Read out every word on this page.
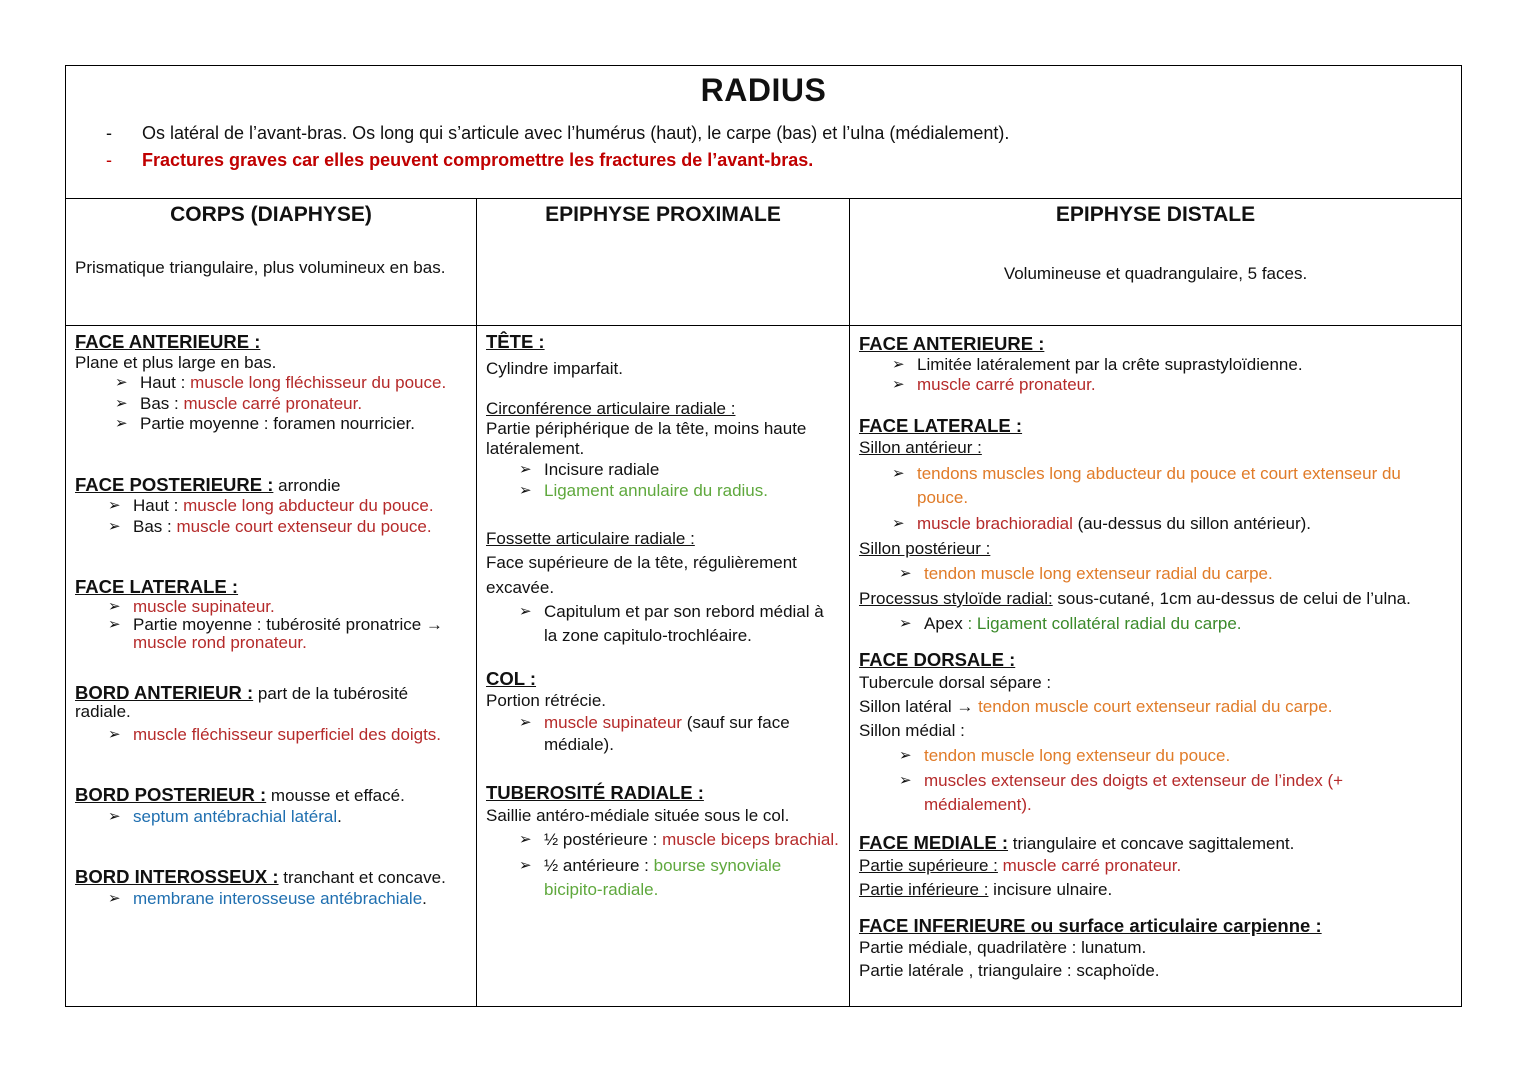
RADIUS
-	Os latéral de l’avant-bras. Os long qui s’articule avec l’humérus (haut), le carpe (bas) et l’ulna (médialement).
-	Fractures graves car elles peuvent compromettre les fractures de l’avant-bras.
CORPS (DIAPHYSE)
Prismatique triangulaire, plus volumineux en bas.

FACE ANTERIEURE :

Plane et plus large en bas.

➢ Haut : muscle long fléchisseur du pouce.
➢ Bas : muscle carré pronateur.
➢ Partie moyenne : foramen nourricier.

FACE POSTERIEURE : arrondie

➢ Haut : muscle long abducteur du pouce.
➢ Bas : muscle court extenseur du pouce.

FACE LATERALE :

➢ muscle supinateur.
➢ Partie moyenne : tubérosité pronatrice → muscle rond pronateur.

BORD ANTERIEUR : part de la tubérosité radiale.

➢ muscle fléchisseur superficiel des doigts.

BORD POSTERIEUR : mousse et effacé.

➢ septum antébrachial latéral.

BORD INTEROSSEUX : tranchant et concave.

➢ membrane interosseuse antébrachiale.
EPIPHYSE PROXIMALE

TÊTE :

Cylindre imparfait.

Circonférence articulaire radiale :

Partie périphérique de la tête, moins haute latéralement.

➢ Incisure radiale
➢ Ligament annulaire du radius.

Fossette articulaire radiale :

Face supérieure de la tête, régulièrement excavée.

➢ Capitulum et par son rebord médial à la zone capitulo-trochléaire.

COL :

Portion rétrécie.

➢ muscle supinateur (sauf sur face médiale).

TUBEROSITÉ RADIALE :

Saillie antéro-médiale située sous le col.

➢ ½ postérieure : muscle biceps brachial.
➢ ½ antérieure : bourse synoviale bicipito-radiale.
EPIPHYSE DISTALE
Volumineuse et quadrangulaire, 5 faces.

FACE ANTERIEURE :

➢ Limitée latéralement par la crête suprastyloïdienne.
➢ muscle carré pronateur.

FACE LATERALE :

Sillon antérieur :

➢ tendons muscles long abducteur du pouce et court extenseur du pouce.
➢ muscle brachioradial (au-dessus du sillon antérieur).

Sillon postérieur :

➢ tendon muscle long extenseur radial du carpe.

Processus styloïde radial: sous-cutané, 1cm au-dessus de celui de l’ulna.

➢ Apex : Ligament collatéral radial du carpe.

FACE DORSALE :

Tubercule dorsal sépare :

Sillon latéral → tendon muscle court extenseur radial du carpe.

Sillon médial :

➢ tendon muscle long extenseur du pouce.
➢ muscles extenseur des doigts et extenseur de l’index (+ médialement).

FACE MEDIALE : triangulaire et concave sagittalement.

Partie supérieure : muscle carré pronateur.

Partie inférieure : incisure ulnaire.

FACE INFERIEURE ou surface articulaire carpienne :

Partie médiale, quadrilatère : lunatum.

Partie latérale , triangulaire : scaphoïde.
